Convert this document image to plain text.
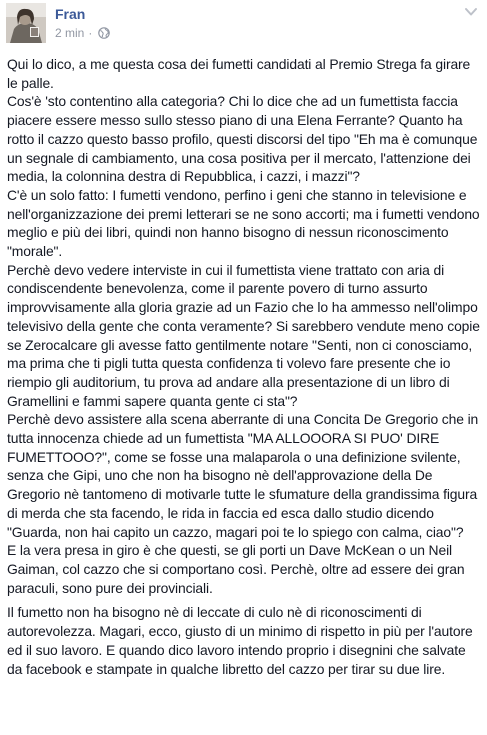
Fran
2 min ·

Qui lo dico, a me questa cosa dei fumetti candidati al Premio Strega fa girare le palle.

Cos'è 'sto contentino alla categoria? Chi lo dice che ad un fumettista faccia piacere essere messo sullo stesso piano di una Elena Ferrante? Quanto ha rotto il cazzo questo basso profilo, questi discorsi del tipo "Eh ma è comunque un segnale di cambiamento, una cosa positiva per il mercato, l'attenzione dei media, la colonnina destra di Repubblica, i cazzi, i mazzi"?

C'è un solo fatto: I fumetti vendono, perfino i geni che stanno in televisione e nell'organizzazione dei premi letterari se ne sono accorti; ma i fumetti vendono meglio e più dei libri, quindi non hanno bisogno di nessun riconoscimento "morale".

Perchè devo vedere interviste in cui il fumettista viene trattato con aria di condiscendente benevolenza, come il parente povero di turno assurto improvvisamente alla gloria grazie ad un Fazio che lo ha ammesso nell'olimpo televisivo della gente che conta veramente? Si sarebbero vendute meno copie se Zerocalcare gli avesse fatto gentilmente notare "Senti, non ci conosciamo, ma prima che ti pigli tutta questa confidenza ti volevo fare presente che io riempio gli auditorium, tu prova ad andare alla presentazione di un libro di Gramellini e fammi sapere quanta gente ci sta"?

Perchè devo assistere alla scena aberrante di una Concita De Gregorio che in tutta innocenza chiede ad un fumettista "MA ALLOOORA SI PUO' DIRE FUMETTOOO?", come se fosse una malaparola o una definizione svilente, senza che Gipi, uno che non ha bisogno nè dell'approvazione della De Gregorio nè tantomeno di motivarle tutte le sfumature della grandissima figura di merda che sta facendo, le rida in faccia ed esca dallo studio dicendo "Guarda, non hai capito un cazzo, magari poi te lo spiego con calma, ciao"?

E la vera presa in giro è che questi, se gli porti un Dave McKean o un Neil Gaiman, col cazzo che si comportano così. Perchè, oltre ad essere dei gran paraculi, sono pure dei provinciali.

Il fumetto non ha bisogno nè di leccate di culo nè di riconoscimenti di autorevolezza. Magari, ecco, giusto di un minimo di rispetto in più per l'autore ed il suo lavoro. E quando dico lavoro intendo proprio i disegnini che salvate da facebook e stampate in qualche libretto del cazzo per tirar su due lire.
